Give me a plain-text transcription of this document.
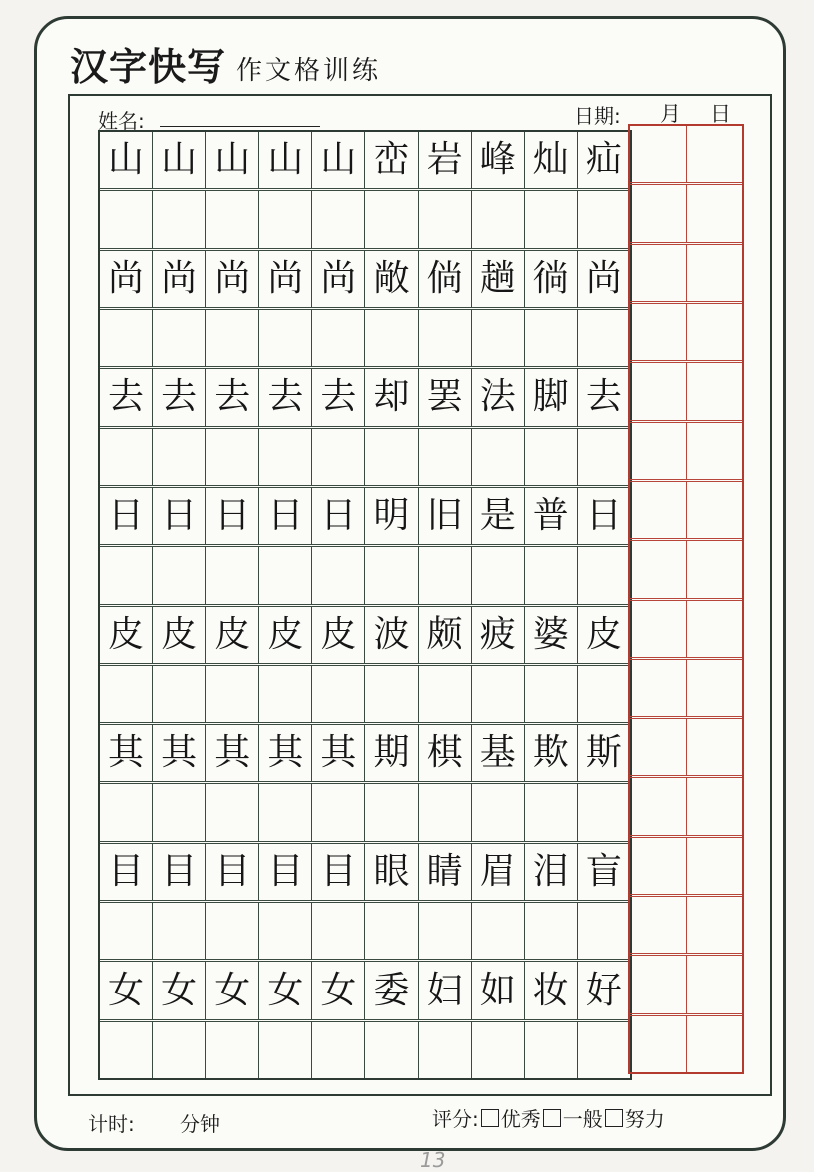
汉字快写 作文格训练
姓名:	日期: 月 日
山 山 山 山 山 峦 岩 峰 灿 疝
尚 尚 尚 尚 尚 敞 倘 趟 徜 尚
去 去 去 去 去 却 罢 法 脚 去
日 日 日 日 日 明 旧 是 普 日
皮 皮 皮 皮 皮 波 颇 疲 婆 皮
其 其 其 其 其 期 棋 基 欺 斯
目 目 目 目 目 眼 睛 眉 泪 盲
女 女 女 女 女 委 妇 如 妆 好
计时: 分钟	评分: 优秀 一般 努力
13
